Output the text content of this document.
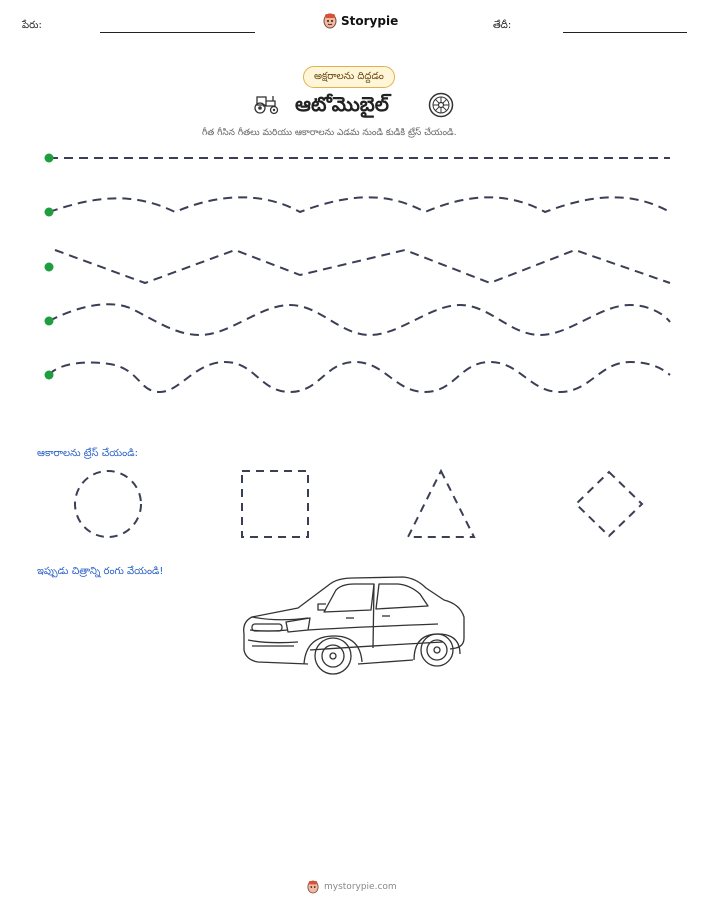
పేరు:	Storypie	తేదీ:
అక్షరాలను దిద్దడం
ఆటోమొబైల్
గీత గీసిన గీతలు మరియు ఆకారాలను ఎడమ నుండి కుడికి ట్రేస్ చేయండి.
ఆకారాలను ట్రేస్ చేయండి:
ఇప్పుడు చిత్రాన్ని రంగు వేయండి!
mystorypie.com
